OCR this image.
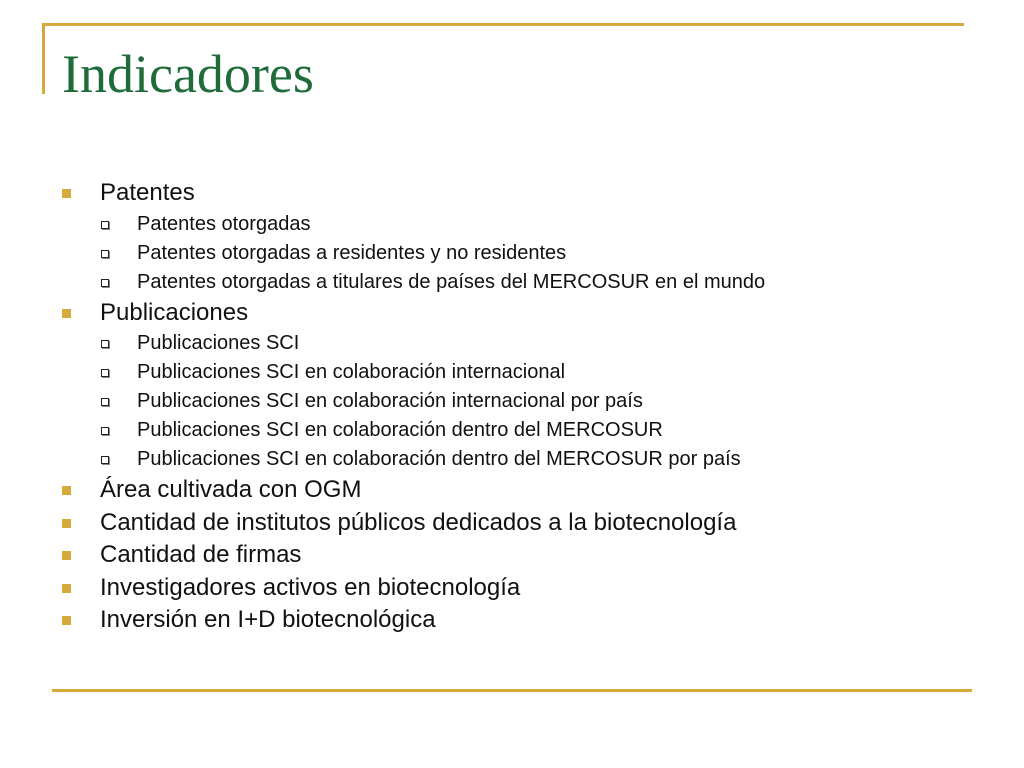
Indicadores
Patentes
Patentes otorgadas
Patentes otorgadas a residentes y no residentes
Patentes otorgadas a titulares de países del MERCOSUR en el mundo
Publicaciones
Publicaciones SCI
Publicaciones SCI en colaboración internacional
Publicaciones SCI en colaboración internacional por país
Publicaciones SCI en colaboración dentro del MERCOSUR
Publicaciones SCI en colaboración dentro del MERCOSUR por país
Área cultivada con OGM
Cantidad de institutos públicos dedicados a la biotecnología
Cantidad de firmas
Investigadores activos en biotecnología
Inversión en I+D biotecnológica
